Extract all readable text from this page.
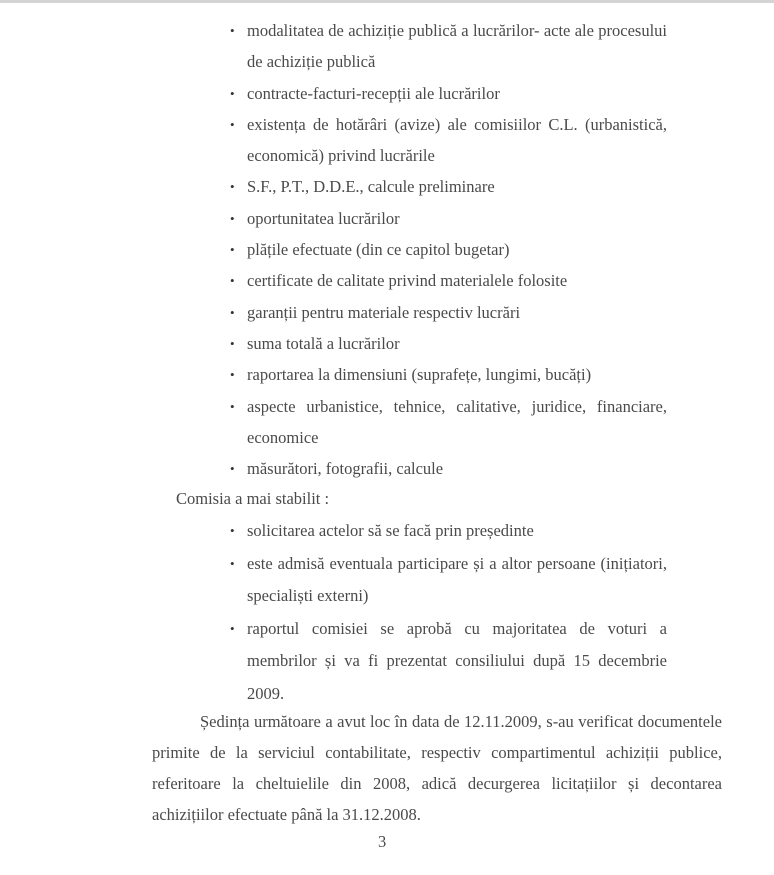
• modalitatea de achiziție publică a lucrărilor- acte ale procesului de achiziție publică
• contracte-facturi-recepții ale lucrărilor
• existența de hotărâri (avize) ale comisiilor C.L. (urbanistică, economică) privind lucrările
• S.F., P.T., D.D.E., calcule preliminare
• oportunitatea lucrărilor
• plățile efectuate (din ce capitol bugetar)
• certificate de calitate privind materialele folosite
• garanții pentru materiale respectiv lucrări
• suma totală a lucrărilor
• raportarea la dimensiuni (suprafețe, lungimi, bucăți)
• aspecte urbanistice, tehnice, calitative, juridice, financiare, economice
• măsurători, fotografii, calcule
Comisia a mai stabilit :
• solicitarea actelor să se facă prin președinte
• este admisă eventuala participare și a altor persoane (inițiatori, specialiști externi)
• raportul comisiei se aprobă cu majoritatea de voturi a membrilor și va fi prezentat consiliului după 15 decembrie 2009.
Ședința următoare a avut loc în data de 12.11.2009, s-au verificat documentele primite de la serviciul contabilitate, respectiv compartimentul achiziții publice, referitoare la cheltuielile din 2008, adică decurgerea licitațiilor și decontarea achizițiilor efectuate până la 31.12.2008.
3
